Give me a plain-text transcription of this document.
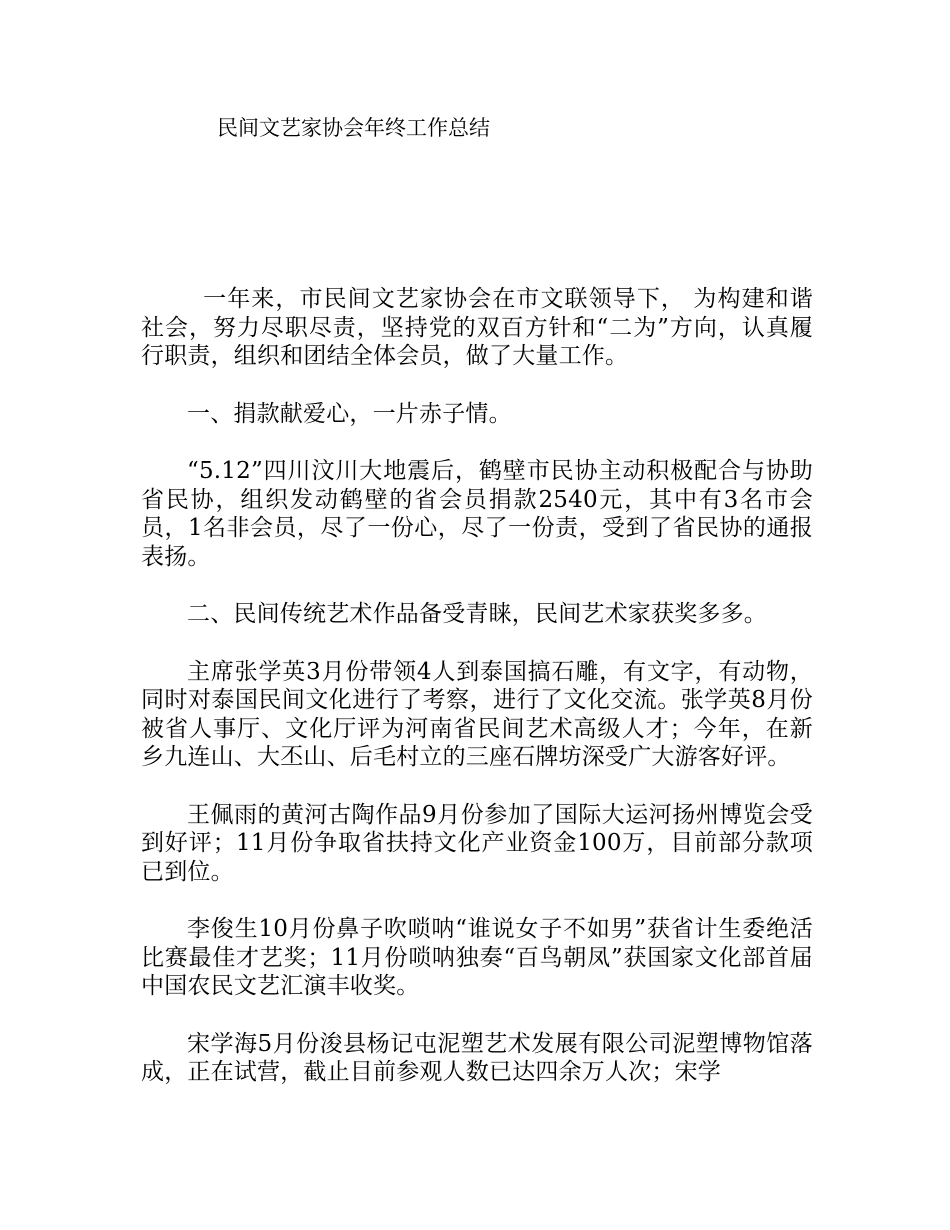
民间文艺家协会年终工作总结

一年来，市民间文艺家协会在市文联领导下， 为构建和谐社会，努力尽职尽责，坚持党的双百方针和“二为”方向，认真履行职责，组织和团结全体会员，做了大量工作。

一、捐款献爱心，一片赤子情。

“5.12”四川汶川大地震后，鹤壁市民协主动积极配合与协助省民协，组织发动鹤壁的省会员捐款2540元，其中有3名市会员，1名非会员，尽了一份心，尽了一份责，受到了省民协的通报表扬。

二、民间传统艺术作品备受青睐，民间艺术家获奖多多。

主席张学英3月份带领4人到泰国搞石雕，有文字，有动物，同时对泰国民间文化进行了考察，进行了文化交流。张学英8月份被省人事厅、文化厅评为河南省民间艺术高级人才；今年，在新乡九连山、大丕山、后毛村立的三座石牌坊深受广大游客好评。

王佩雨的黄河古陶作品9月份参加了国际大运河扬州博览会受到好评；11月份争取省扶持文化产业资金100万，目前部分款项已到位。

李俊生10月份鼻子吹唢呐“谁说女子不如男”获省计生委绝活比赛最佳才艺奖；11月份唢呐独奏“百鸟朝凤”获国家文化部首届中国农民文艺汇演丰收奖。

宋学海5月份浚县杨记屯泥塑艺术发展有限公司泥塑博物馆落成，正在试营，截止目前参观人数已达四余万人次；宋学
